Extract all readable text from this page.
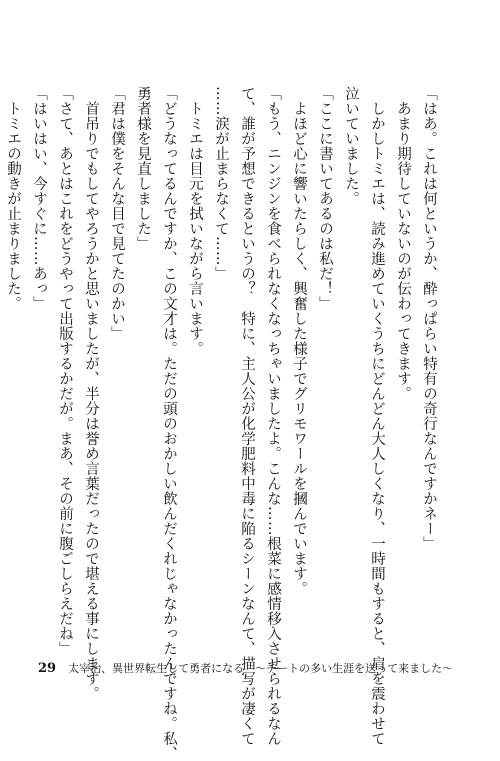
「はあ。これは何というか、酔っぱらい特有の奇行なんですかネー」
あまり期待していないのが伝わってきます。
しかしトミエは、読み進めていくうちにどんどん大人しくなり、一時間もすると、肩を震わせて
泣いていました。
「ここに書いてあるのは私だ！」
よほど心に響いたらしく、興奮した様子でグリモワールを摑んでいます。
「もう、ニンジンを食べられなくなっちゃいましたよ。こんな……根菜に感情移入させられるなん
て、誰が予想できるというの？　特に、主人公が化学肥料中毒に陥るシーンなんて、描写が凄くて
……涙が止まらなくて……」
トミエは目元を拭いながら言います。
「どうなってるんですか、この文才は。ただの頭のおかしい飲んだくれじゃなかったんですね。私、
勇者様を見直しました」
「君は僕をそんな目で見てたのかい」
首吊りでもしてやろうかと思いましたが、半分は誉め言葉だったので堪える事にします。
「さて、あとはこれをどうやって出版するかだが。まあ、その前に腹ごしらえだね」
「はいはい、今すぐに……あっ」
トミエの動きが止まりました。
29 太宰治、異世界転生して勇者になる　～チートの多い生涯を送って来ました～
